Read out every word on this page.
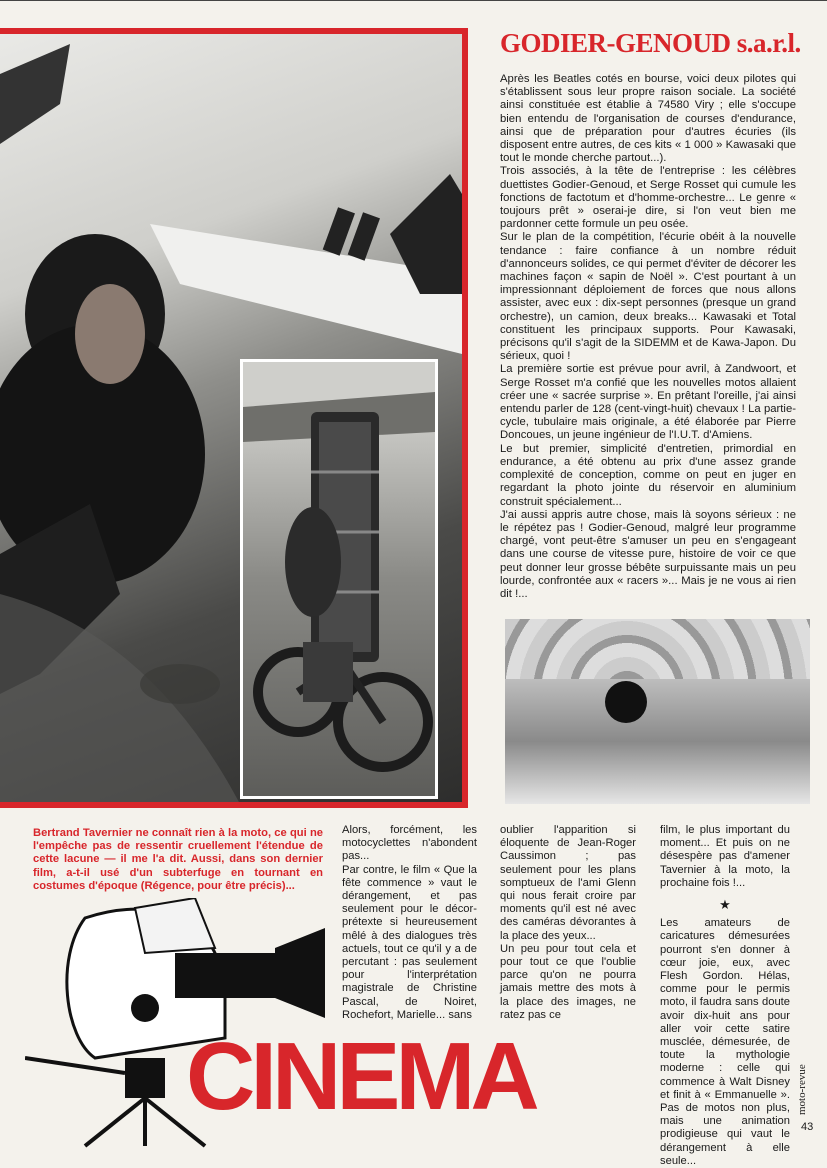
GODIER-GENOUD s.a.r.l.

Après les Beatles cotés en bourse, voici deux pilotes qui s'établissent sous leur propre raison sociale. La société ainsi constituée est établie à 74580 Viry ; elle s'occupe bien entendu de l'organisation de courses d'endurance, ainsi que de préparation pour d'autres écuries (ils disposent entre autres, de ces kits « 1 000 » Kawasaki que tout le monde cherche partout...).

Trois associés, à la tête de l'entreprise : les célèbres duettistes Godier-Genoud, et Serge Rosset qui cumule les fonctions de factotum et d'homme-orchestre... Le genre « toujours prêt » oserai-je dire, si l'on veut bien me pardonner cette formule un peu osée.

Sur le plan de la compétition, l'écurie obéit à la nouvelle tendance : faire confiance à un nombre réduit d'annonceurs solides, ce qui permet d'éviter de décorer les machines façon « sapin de Noël ». C'est pourtant à un impressionnant déploiement de forces que nous allons assister, avec eux : dix-sept personnes (presque un grand orchestre), un camion, deux breaks... Kawasaki et Total constituent les principaux supports. Pour Kawasaki, précisons qu'il s'agit de la SIDEMM et de Kawa-Japon. Du sérieux, quoi !

La première sortie est prévue pour avril, à Zandwoort, et Serge Rosset m'a confié que les nouvelles motos allaient créer une « sacrée surprise ». En prêtant l'oreille, j'ai ainsi entendu parler de 128 (cent-vingt-huit) chevaux ! La partie-cycle, tubulaire mais originale, a été élaborée par Pierre Doncoues, un jeune ingénieur de l'I.U.T. d'Amiens.

Le but premier, simplicité d'entretien, primordial en endurance, a été obtenu au prix d'une assez grande complexité de conception, comme on peut en juger en regardant la photo jointe du réservoir en aluminium construit spécialement...

J'ai aussi appris autre chose, mais là soyons sérieux : ne le répétez pas ! Godier-Genoud, malgré leur programme chargé, vont peut-être s'amuser un peu en s'engageant dans une course de vitesse pure, histoire de voir ce que peut donner leur grosse bébête surpuissante mais un peu lourde, confrontée aux « racers »... Mais je ne vous ai rien dit !...

Bertrand Tavernier ne connaît rien à la moto, ce qui ne l'empêche pas de ressentir cruellement l'étendue de cette lacune — il me l'a dit. Aussi, dans son dernier film, a-t-il usé d'un subterfuge en tournant en costumes d'époque (Régence, pour être précis)...

CINEMA

Alors, forcément, les motocyclettes n'abondent pas...

Par contre, le film « Que la fête commence » vaut le dérangement, et pas seulement pour le décor-prétexte si heureusement mêlé à des dialogues très actuels, tout ce qu'il y a de percutant : pas seulement pour l'interprétation magistrale de Christine Pascal, de Noiret, Rochefort, Marielle... sans

oublier l'apparition si éloquente de Jean-Roger Caussimon ; pas seulement pour les plans somptueux de l'ami Glenn qui nous ferait croire par moments qu'il est né avec des caméras dévorantes à la place des yeux...

Un peu pour tout cela et pour tout ce que l'oublie parce qu'on ne pourra jamais mettre des mots à la place des images, ne ratez pas ce

film, le plus important du moment... Et puis on ne désespère pas d'amener Tavernier à la moto, la prochaine fois !...

★

Les amateurs de caricatures démesurées pourront s'en donner à cœur joie, eux, avec Flesh Gordon. Hélas, comme pour le permis moto, il faudra sans doute avoir dix-huit ans pour aller voir cette satire musclée, démesurée, de toute la mythologie moderne : celle qui commence à Walt Disney et finit à « Emmanuelle ». Pas de motos non plus, mais une animation prodigieuse qui vaut le dérangement à elle seule...

moto-revue
43
